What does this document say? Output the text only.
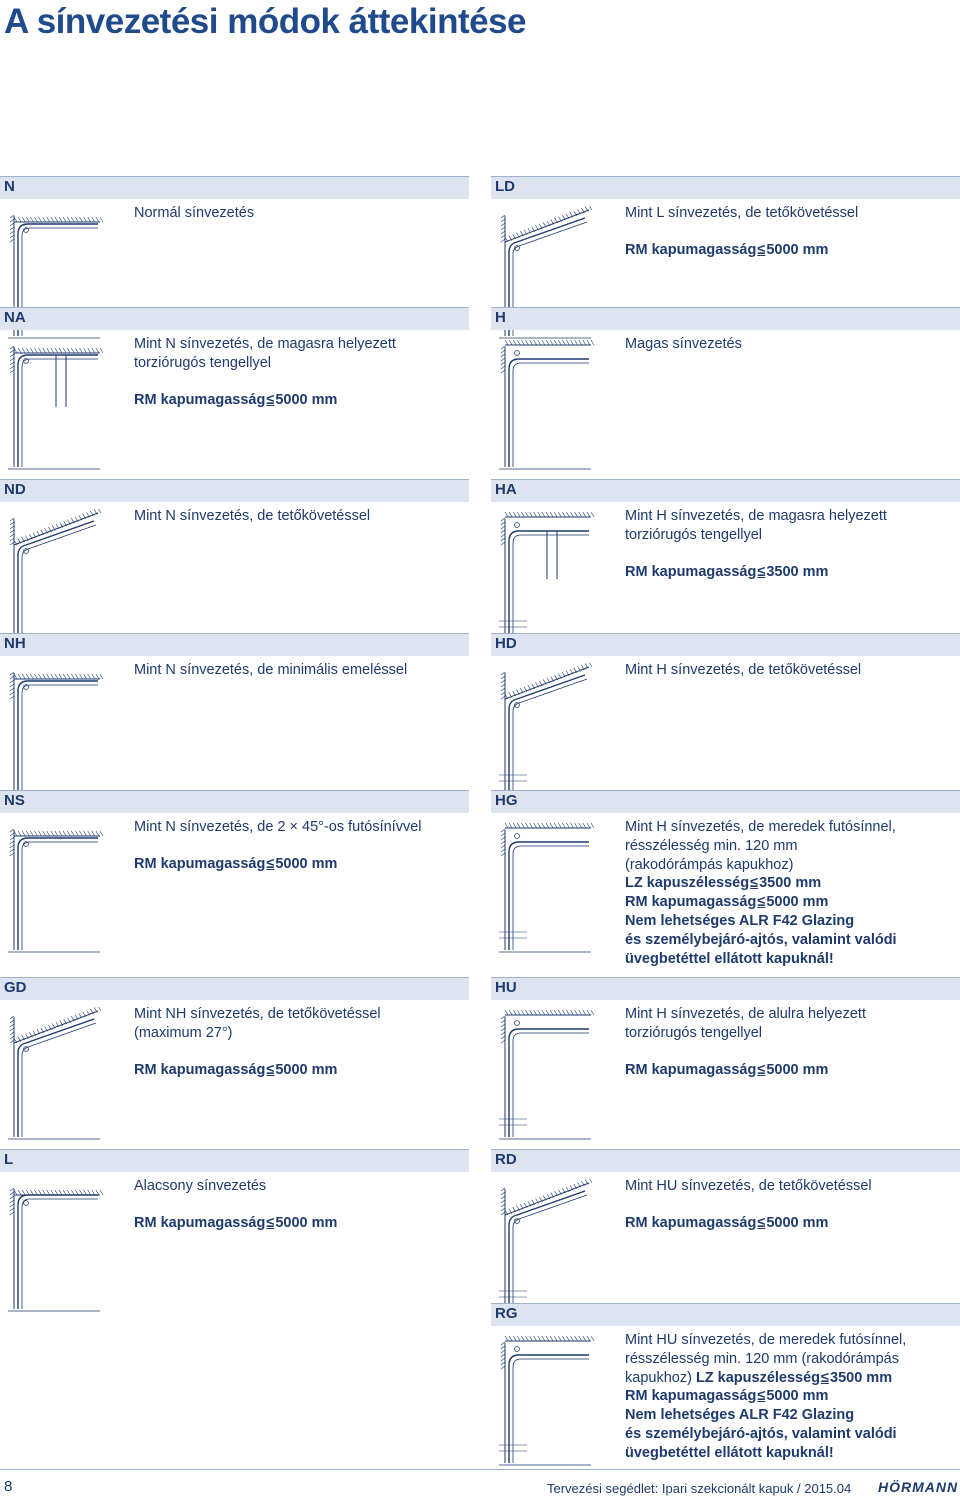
A sínvezetési módok áttekintése
N

Normál sínvezetés

LD

Mint L sínvezetés, de tetőkövetéssel

RM kapumagasság≤5000 mm

NA

Mint N sínvezetés, de magasra helyezett

torziórugós tengellyel

RM kapumagasság≤5000 mm

H

Magas sínvezetés

ND

Mint N sínvezetés, de tetőkövetéssel

HA

Mint H sínvezetés, de magasra helyezett

torziórugós tengellyel

RM kapumagasság≤3500 mm

NH

Mint N sínvezetés, de minimális emeléssel

HD

Mint H sínvezetés, de tetőkövetéssel

NS

Mint N sínvezetés, de 2 × 45°-os futósínívvel

RM kapumagasság≤5000 mm

HG

Mint H sínvezetés, de meredek futósínnel,

résszélesség min. 120 mm

(rakodórámpás kapukhoz)

LZ kapuszélesség≤3500 mm

RM kapumagasság≤5000 mm

Nem lehetséges ALR F42 Glazing

és személybejáró-ajtós, valamint valódi

üvegbetéttel ellátott kapuknál!

GD

Mint NH sínvezetés, de tetőkövetéssel

(maximum 27°)

RM kapumagasság≤5000 mm

HU

Mint H sínvezetés, de alulra helyezett

torziórugós tengellyel

RM kapumagasság≤5000 mm

L

Alacsony sínvezetés

RM kapumagasság≤5000 mm

RD

Mint HU sínvezetés, de tetőkövetéssel

RM kapumagasság≤5000 mm

RG

Mint HU sínvezetés, de meredek futósínnel,

résszélesség min. 120 mm (rakodórámpás

kapukhoz) LZ kapuszélesség≤3500 mm

RM kapumagasság≤5000 mm

Nem lehetséges ALR F42 Glazing

és személybejáró-ajtós, valamint valódi

üvegbetéttel ellátott kapuknál!

8	Tervezési segédlet: Ipari szekcionált kapuk / 2015.04 HÖRMANN
